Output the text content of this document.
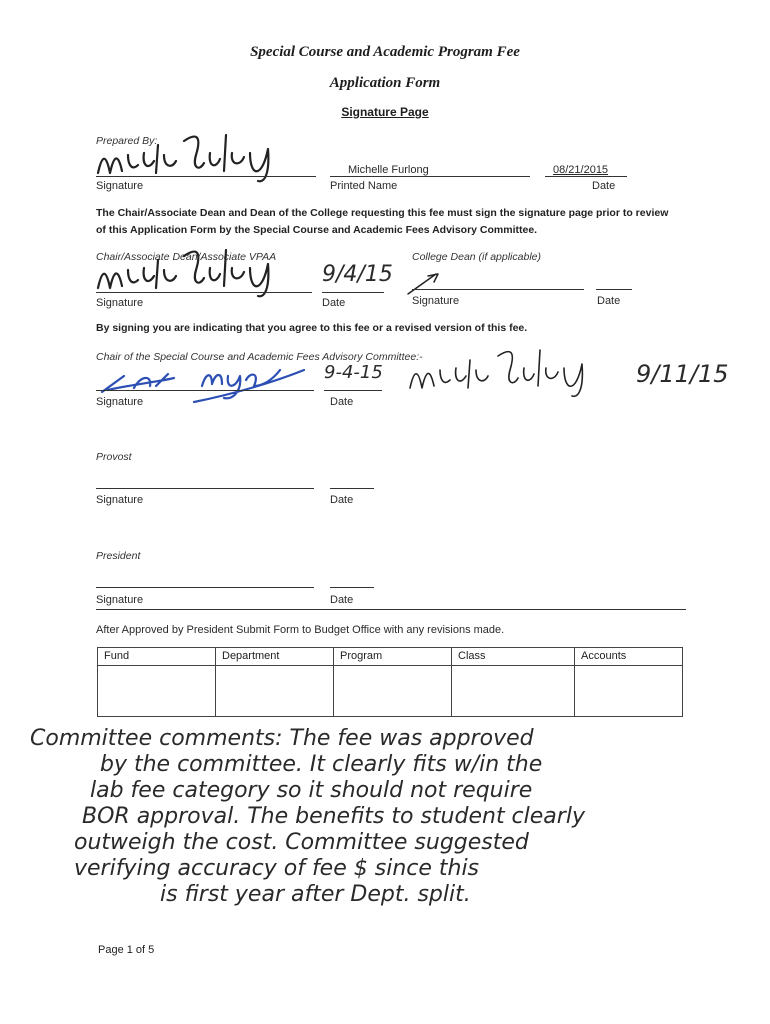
Special Course and Academic Program Fee
Application Form
Signature Page
Prepared By:
Michelle Furlong	08/21/2015
Signature	Printed Name	Date
The Chair/Associate Dean and Dean of the College requesting this fee must sign the signature page prior to review of this Application Form by the Special Course and Academic Fees Advisory Committee.
Chair/Associate Dean/Associate VPAA
9/4/15
Signature	Date
College Dean (if applicable)
Signature	Date
By signing you are indicating that you agree to this fee or a revised version of this fee.
Chair of the Special Course and Academic Fees Advisory Committee:-
9-4-15	9/11/15
Signature	Date
Provost
Signature	Date
President
Signature	Date
After Approved by President Submit Form to Budget Office with any revisions made.
Fund	Department	Program	Class	Accounts

Committee comments: The fee was approved
by the committee. It clearly fits w/in the
lab fee category so it should not require
BOR approval. The benefits to student clearly
outweigh the cost. Committee suggested
verifying accuracy of fee $ since this
is first year after Dept. split.
Page 1 of 5
